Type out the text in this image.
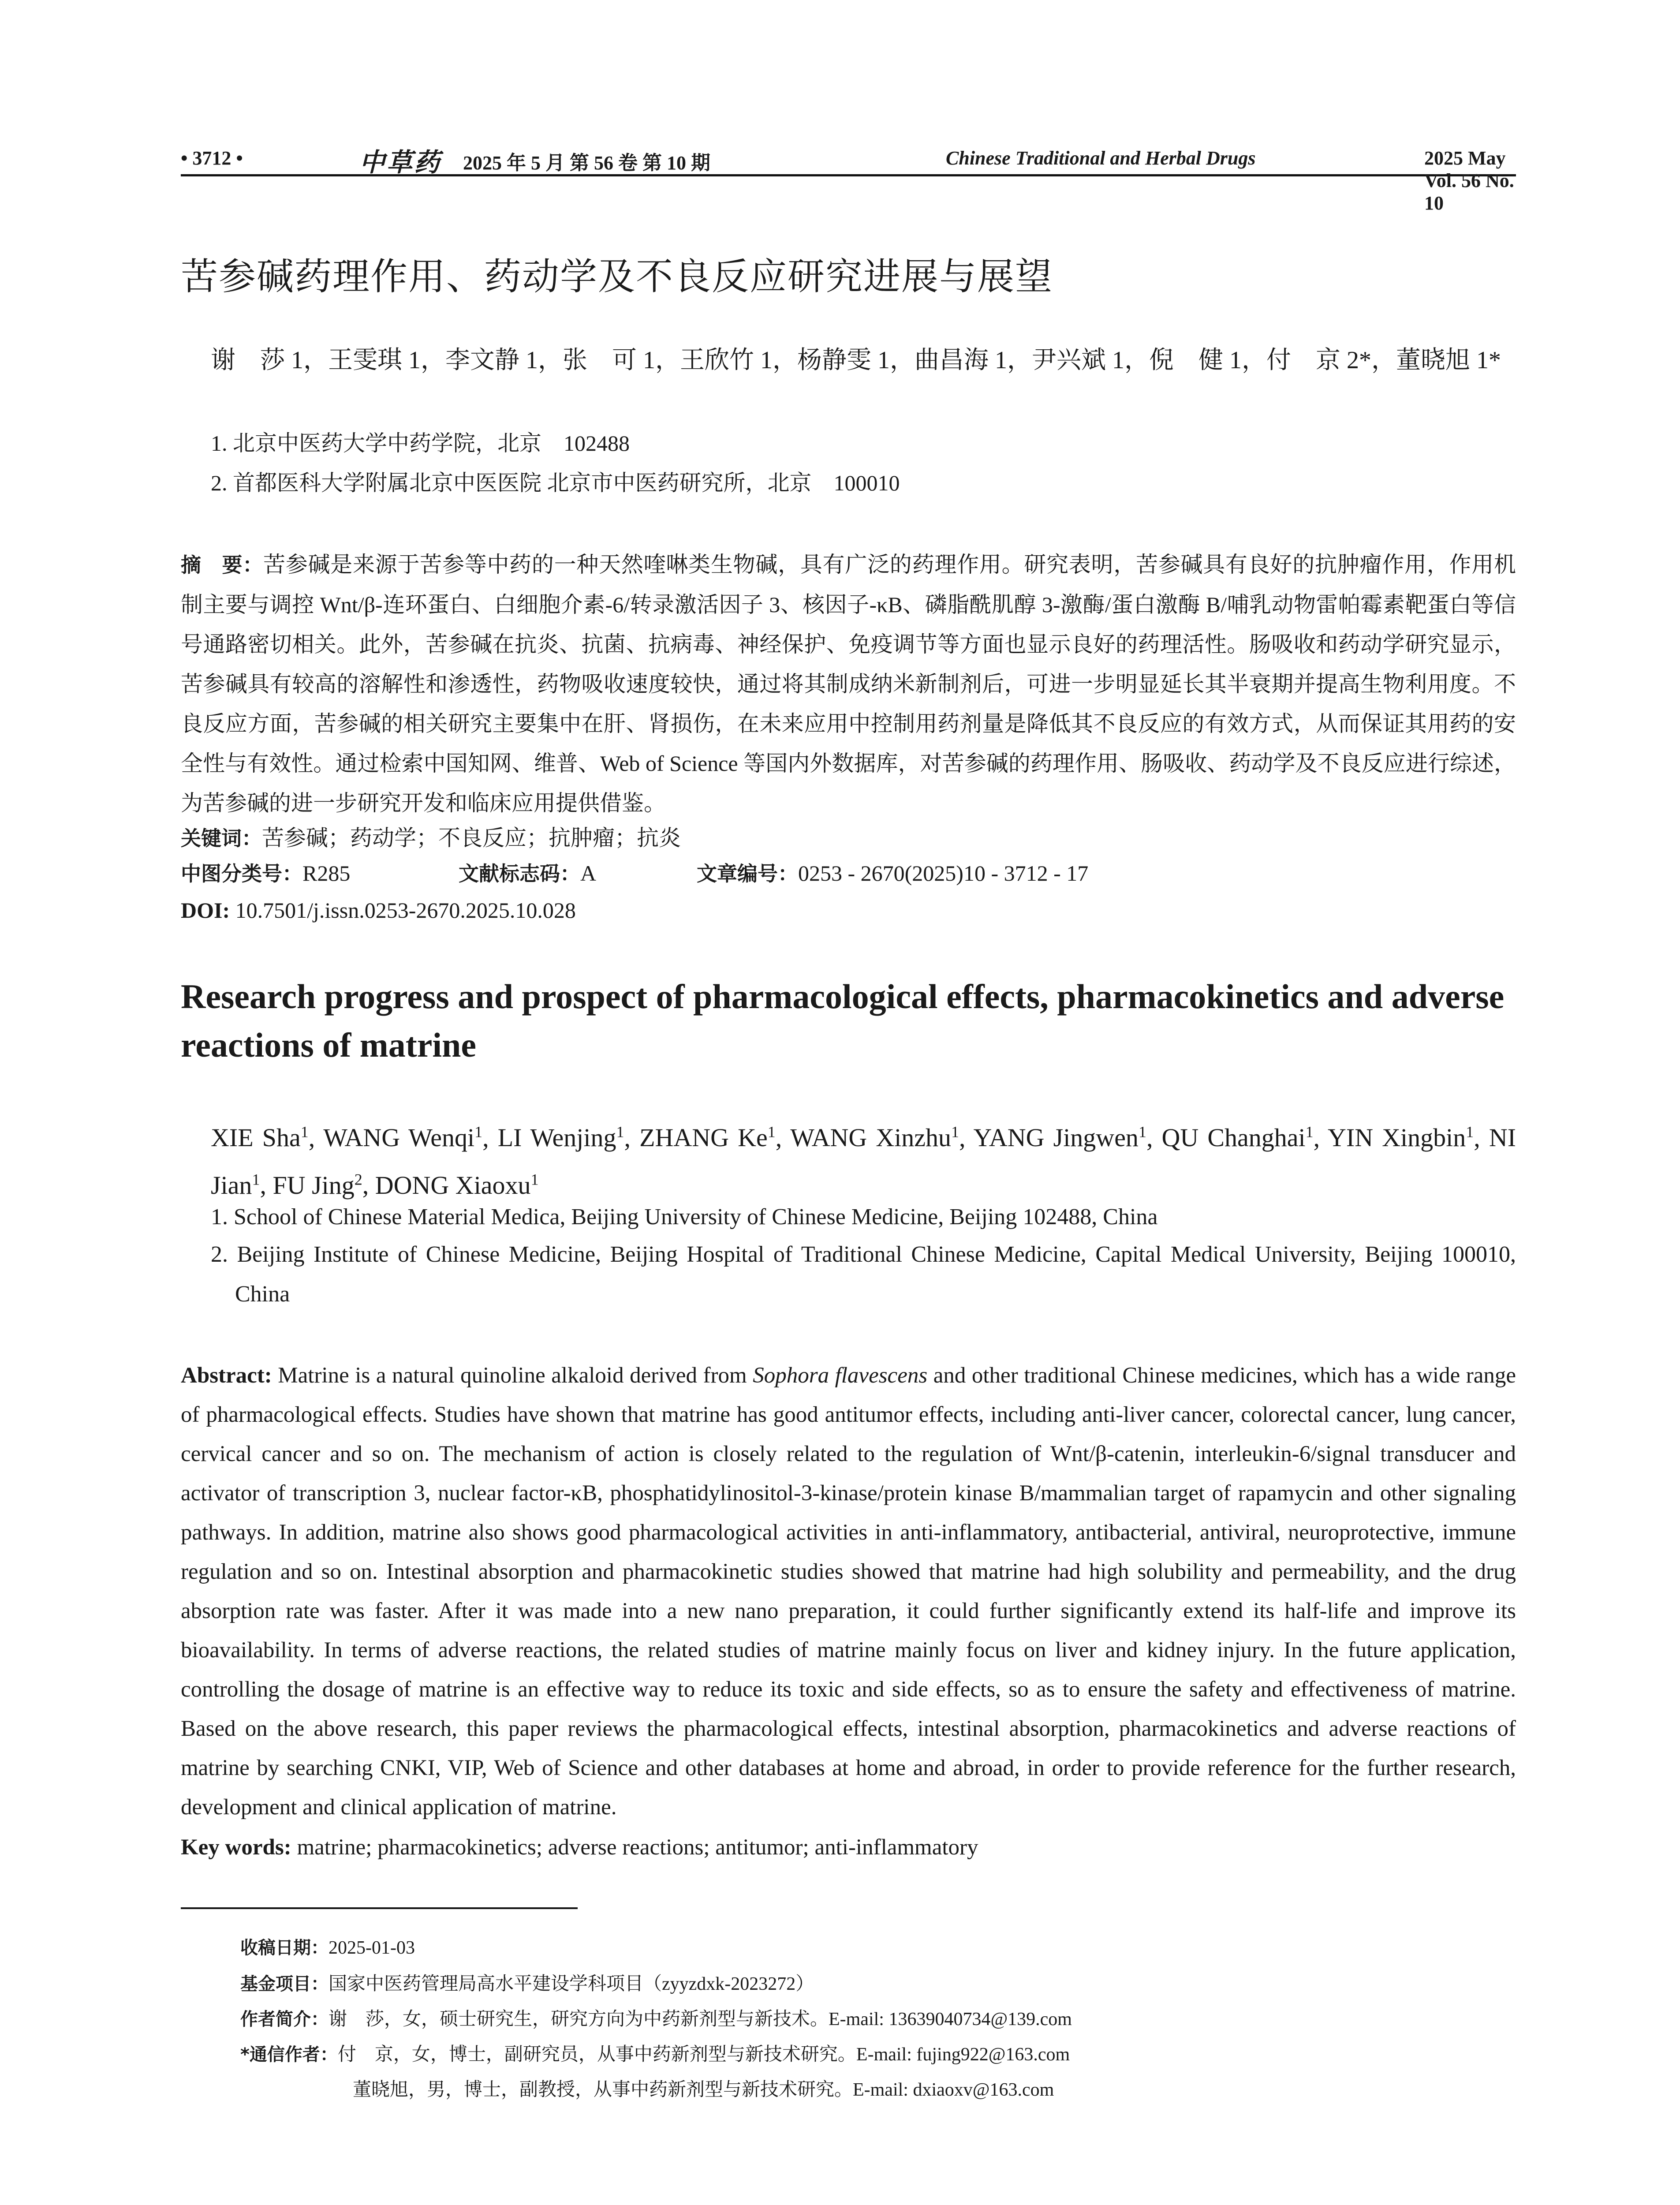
• 3712 •	中草药 2025 年 5 月 第 56 卷 第 10 期	Chinese Traditional and Herbal Drugs	2025 May Vol. 56 No. 10
苦参碱药理作用、药动学及不良反应研究进展与展望
谢　莎 1，王雯琪 1，李文静 1，张　可 1，王欣竹 1，杨静雯 1，曲昌海 1，尹兴斌 1，倪　健 1，付　京 2*，董晓旭 1*
1. 北京中医药大学中药学院，北京　102488
2. 首都医科大学附属北京中医医院 北京市中医药研究所，北京　100010
摘　要：苦参碱是来源于苦参等中药的一种天然喹啉类生物碱，具有广泛的药理作用。研究表明，苦参碱具有良好的抗肿瘤作用，作用机制主要与调控 Wnt/β-连环蛋白、白细胞介素-6/转录激活因子 3、核因子-κB、磷脂酰肌醇 3-激酶/蛋白激酶 B/哺乳动物雷帕霉素靶蛋白等信号通路密切相关。此外，苦参碱在抗炎、抗菌、抗病毒、神经保护、免疫调节等方面也显示良好的药理活性。肠吸收和药动学研究显示，苦参碱具有较高的溶解性和渗透性，药物吸收速度较快，通过将其制成纳米新制剂后，可进一步明显延长其半衰期并提高生物利用度。不良反应方面，苦参碱的相关研究主要集中在肝、肾损伤，在未来应用中控制用药剂量是降低其不良反应的有效方式，从而保证其用药的安全性与有效性。通过检索中国知网、维普、Web of Science 等国内外数据库，对苦参碱的药理作用、肠吸收、药动学及不良反应进行综述，为苦参碱的进一步研究开发和临床应用提供借鉴。
关键词：苦参碱；药动学；不良反应；抗肿瘤；抗炎
中图分类号：R285	文献标志码：A	文章编号：0253 - 2670(2025)10 - 3712 - 17
DOI: 10.7501/j.issn.0253-2670.2025.10.028
Research progress and prospect of pharmacological effects, pharmacokinetics and adverse reactions of matrine
XIE Sha$^1$, WANG Wenqi$^1$, LI Wenjing$^1$, ZHANG Ke$^1$, WANG Xinzhu$^1$, YANG Jingwen$^1$, QU Changhai$^1$, YIN Xingbin$^1$, NI Jian$^1$, FU Jing$^2$, DONG Xiaoxu$^1$
1. School of Chinese Material Medica, Beijing University of Chinese Medicine, Beijing 102488, China
2. Beijing Institute of Chinese Medicine, Beijing Hospital of Traditional Chinese Medicine, Capital Medical University, Beijing 100010, China
Abstract: Matrine is a natural quinoline alkaloid derived from Sophora flavescens and other traditional Chinese medicines, which has a wide range of pharmacological effects. Studies have shown that matrine has good antitumor effects, including anti-liver cancer, colorectal cancer, lung cancer, cervical cancer and so on. The mechanism of action is closely related to the regulation of Wnt/β-catenin, interleukin-6/signal transducer and activator of transcription 3, nuclear factor-κB, phosphatidylinositol-3-kinase/protein kinase B/mammalian target of rapamycin and other signaling pathways. In addition, matrine also shows good pharmacological activities in anti-inflammatory, antibacterial, antiviral, neuroprotective, immune regulation and so on. Intestinal absorption and pharmacokinetic studies showed that matrine had high solubility and permeability, and the drug absorption rate was faster. After it was made into a new nano preparation, it could further significantly extend its half-life and improve its bioavailability. In terms of adverse reactions, the related studies of matrine mainly focus on liver and kidney injury. In the future application, controlling the dosage of matrine is an effective way to reduce its toxic and side effects, so as to ensure the safety and effectiveness of matrine. Based on the above research, this paper reviews the pharmacological effects, intestinal absorption, pharmacokinetics and adverse reactions of matrine by searching CNKI, VIP, Web of Science and other databases at home and abroad, in order to provide reference for the further research, development and clinical application of matrine.
Key words: matrine; pharmacokinetics; adverse reactions; antitumor; anti-inflammatory
收稿日期：2025-01-03
基金项目：国家中医药管理局高水平建设学科项目（zyyzdxk-2023272）
作者简介：谢　莎，女，硕士研究生，研究方向为中药新剂型与新技术。E-mail: 13639040734@139.com
*通信作者：付　京，女，博士，副研究员，从事中药新剂型与新技术研究。E-mail: fujing922@163.com
董晓旭，男，博士，副教授，从事中药新剂型与新技术研究。E-mail: dxiaoxv@163.com
